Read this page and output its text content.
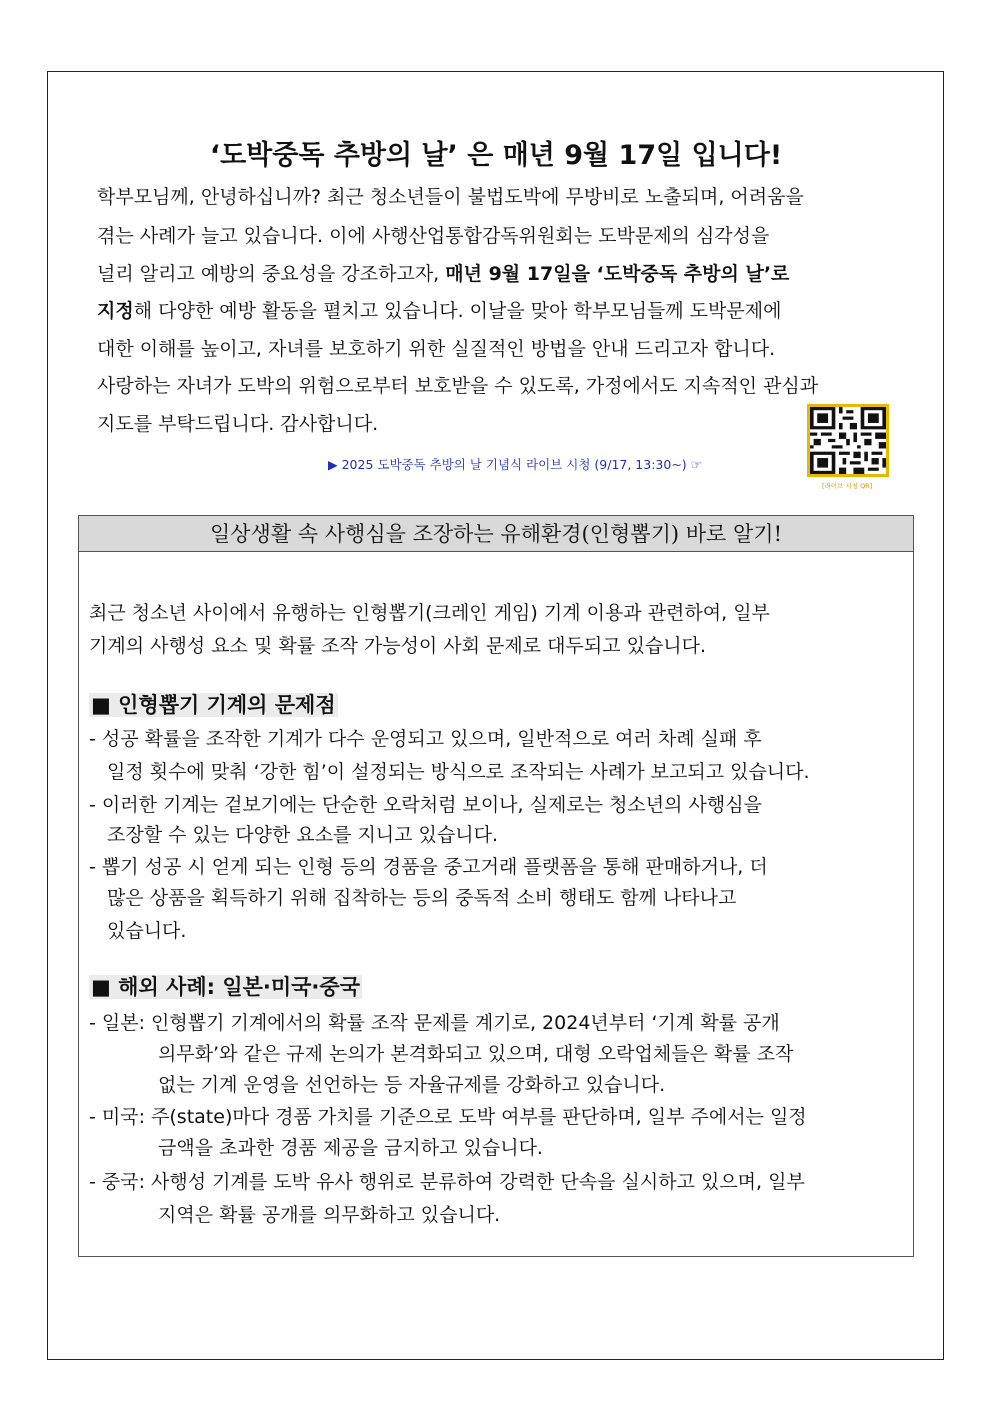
‘도박중독 추방의 날’ 은 매년 9월 17일 입니다!
학부모님께, 안녕하십니까? 최근 청소년들이 불법도박에 무방비로 노출되며, 어려움을
겪는 사례가 늘고 있습니다. 이에 사행산업통합감독위원회는 도박문제의 심각성을
널리 알리고 예방의 중요성을 강조하고자, 매년 9월 17일을 ‘도박중독 추방의 날’로
지정해 다양한 예방 활동을 펼치고 있습니다. 이날을 맞아 학부모님들께 도박문제에
대한 이해를 높이고, 자녀를 보호하기 위한 실질적인 방법을 안내 드리고자 합니다.
사랑하는 자녀가 도박의 위험으로부터 보호받을 수 있도록, 가정에서도 지속적인 관심과
지도를 부탁드립니다. 감사합니다.
▶ 2025 도박중독 추방의 날 기념식 라이브 시청 (9/17, 13:30~) ☞
[라이브 시청 QR]
일상생활 속 사행심을 조장하는 유해환경(인형뽑기) 바로 알기!
최근 청소년 사이에서 유행하는 인형뽑기(크레인 게임) 기계 이용과 관련하여, 일부
기계의 사행성 요소 및 확률 조작 가능성이 사회 문제로 대두되고 있습니다.
■ 인형뽑기 기계의 문제점
- 성공 확률을 조작한 기계가 다수 운영되고 있으며, 일반적으로 여러 차례 실패 후
일정 횟수에 맞춰 ‘강한 힘’이 설정되는 방식으로 조작되는 사례가 보고되고 있습니다.
- 이러한 기계는 겉보기에는 단순한 오락처럼 보이나, 실제로는 청소년의 사행심을
조장할 수 있는 다양한 요소를 지니고 있습니다.
- 뽑기 성공 시 얻게 되는 인형 등의 경품을 중고거래 플랫폼을 통해 판매하거나, 더
많은 상품을 획득하기 위해 집착하는 등의 중독적 소비 행태도 함께 나타나고
있습니다.
■ 해외 사례: 일본·미국·중국
- 일본: 인형뽑기 기계에서의 확률 조작 문제를 계기로, 2024년부터 ‘기계 확률 공개
의무화’와 같은 규제 논의가 본격화되고 있으며, 대형 오락업체들은 확률 조작
없는 기계 운영을 선언하는 등 자율규제를 강화하고 있습니다.
- 미국: 주(state)마다 경품 가치를 기준으로 도박 여부를 판단하며, 일부 주에서는 일정
금액을 초과한 경품 제공을 금지하고 있습니다.
- 중국: 사행성 기계를 도박 유사 행위로 분류하여 강력한 단속을 실시하고 있으며, 일부
지역은 확률 공개를 의무화하고 있습니다.
